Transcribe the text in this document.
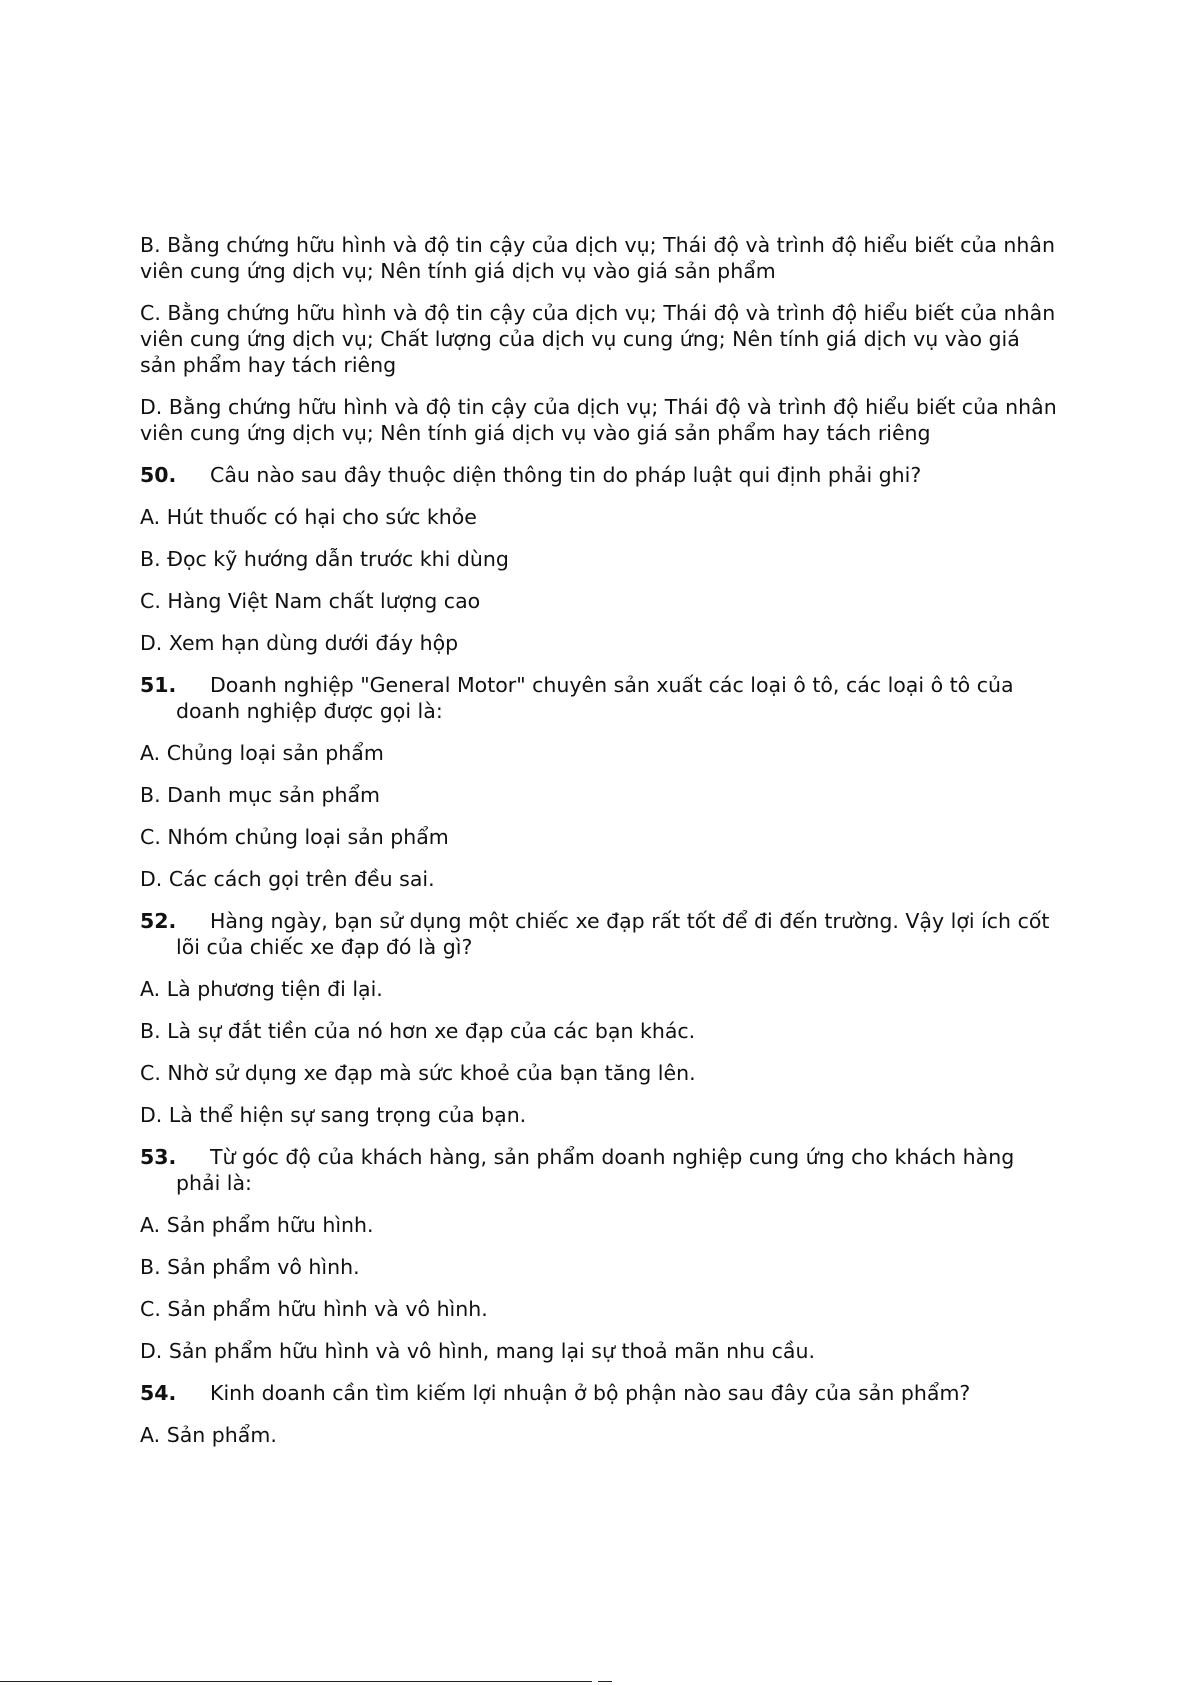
B. Bằng chứng hữu hình và độ tin cậy của dịch vụ; Thái độ và trình độ hiểu biết của nhân viên cung ứng dịch vụ; Nên tính giá dịch vụ vào giá sản phẩm

C. Bằng chứng hữu hình và độ tin cậy của dịch vụ; Thái độ và trình độ hiểu biết của nhân viên cung ứng dịch vụ; Chất lượng của dịch vụ cung ứng; Nên tính giá dịch vụ vào giá sản phẩm hay tách riêng

D. Bằng chứng hữu hình và độ tin cậy của dịch vụ; Thái độ và trình độ hiểu biết của nhân viên cung ứng dịch vụ; Nên tính giá dịch vụ vào giá sản phẩm hay tách riêng

50. Câu nào sau đây thuộc diện thông tin do pháp luật qui định phải ghi?

A. Hút thuốc có hại cho sức khỏe

B. Đọc kỹ hướng dẫn trước khi dùng

C. Hàng Việt Nam chất lượng cao

D. Xem hạn dùng dưới đáy hộp

51. Doanh nghiệp "General Motor" chuyên sản xuất các loại ô tô, các loại ô tô của doanh nghiệp được gọi là:

A. Chủng loại sản phẩm

B. Danh mục sản phẩm

C. Nhóm chủng loại sản phẩm

D. Các cách gọi trên đều sai.

52. Hàng ngày, bạn sử dụng một chiếc xe đạp rất tốt để đi đến trường. Vậy lợi ích cốt lõi của chiếc xe đạp đó là gì?

A. Là phương tiện đi lại.

B. Là sự đắt tiền của nó hơn xe đạp của các bạn khác.

C. Nhờ sử dụng xe đạp mà sức khoẻ của bạn tăng lên.

D. Là thể hiện sự sang trọng của bạn.

53. Từ góc độ của khách hàng, sản phẩm doanh nghiệp cung ứng cho khách hàng phải là:

A. Sản phẩm hữu hình.

B. Sản phẩm vô hình.

C. Sản phẩm hữu hình và vô hình.

D. Sản phẩm hữu hình và vô hình, mang lại sự thoả mãn nhu cầu.

54. Kinh doanh cần tìm kiếm lợi nhuận ở bộ phận nào sau đây của sản phẩm?

A. Sản phẩm.
